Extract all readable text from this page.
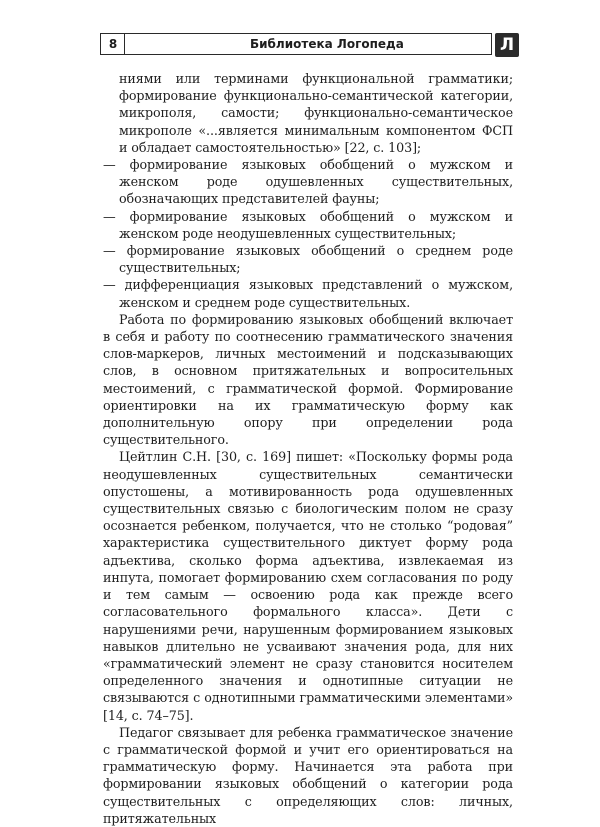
8	Библиотека Логопеда	Л

ниями или терминами функциональной грамматики; формирование функционально-семантической категории, микрополя, самости; функционально-семантическое микрополе «...является минимальным компонентом ФСП и обладает самостоятельностью» [22, с. 103];

— формирование языковых обобщений о мужском и женском роде одушевленных существительных, обозначающих представителей фауны;

— формирование языковых обобщений о мужском и женском роде неодушевленных существительных;

— формирование языковых обобщений о среднем роде существительных;

— дифференциация языковых представлений о мужском, женском и среднем роде существительных.

Работа по формированию языковых обобщений включает в себя и работу по соотнесению грамматического значения слов-маркеров, личных местоимений и подсказывающих слов, в основном притяжательных и вопросительных местоимений, с грамматической формой. Формирование ориентировки на их грамматическую форму как дополнительную опору при определении рода существительного.

Цейтлин С.Н. [30, с. 169] пишет: «Поскольку формы рода неодушевленных существительных семантически опустошены, а мотивированность рода одушевленных существительных связью с биологическим полом не сразу осознается ребенком, получается, что не столько “родовая” характеристика существительного диктует форму рода адъектива, сколько форма адъектива, извлекаемая из инпута, помогает формированию схем согласования по роду и тем самым — освоению рода как прежде всего согласовательного формального класса». Дети с нарушениями речи, нарушенным формированием языковых навыков длительно не усваивают значения рода, для них «грамматический элемент не сразу становится носителем определенного значения и однотипные ситуации не связываются с однотипными грамматическими элементами» [14, с. 74–75].

Педагог связывает для ребенка грамматическое значение с грамматической формой и учит его ориентироваться на грамматическую форму. Начинается эта работа при формировании языковых обобщений о категории рода существительных с определяющих слов: личных, притяжательных
